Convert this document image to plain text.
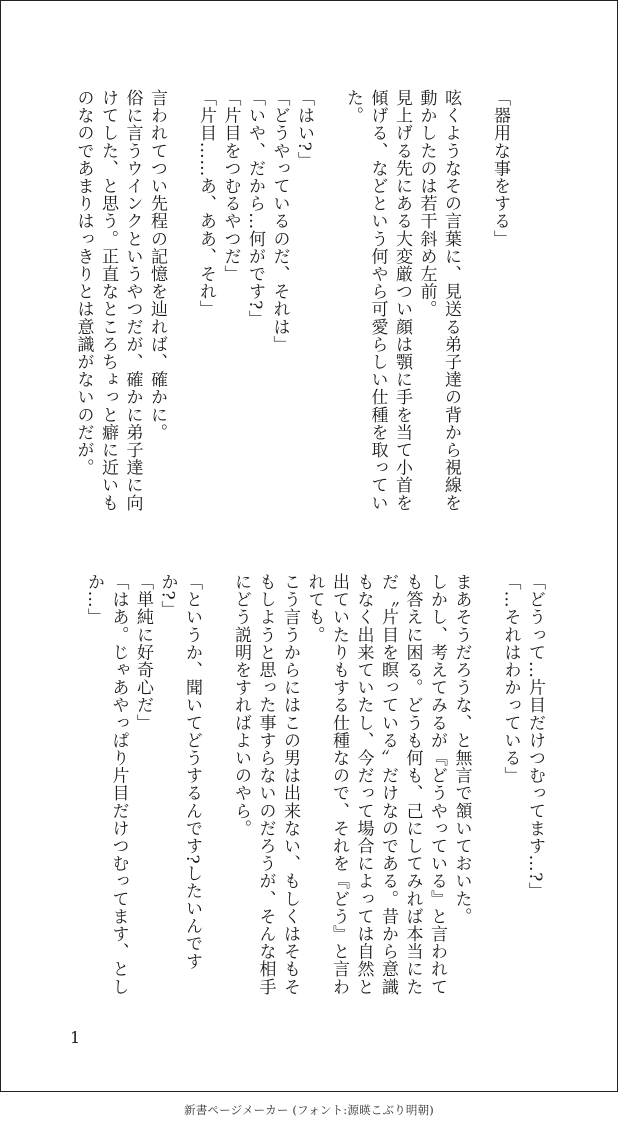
「器用な事をする」
呟くようなその言葉に、見送る弟子達の背から視線を
動かしたのは若干斜め左前。
見上げる先にある大変厳つい顔は顎に手を当て小首を
傾げる、などという何やら可愛らしい仕種を取ってい
た。
「はい?」
「どうやっているのだ、それは」
「いや、だから…何がです?」
「片目をつむるやつだ」
「片目……あ、ああ、それ」
言われてつい先程の記憶を辿れば、確かに。
俗に言うウインクというやつだが、確かに弟子達に向
けてした、と思う。正直なところちょっと癖に近いも
のなのであまりはっきりとは意識がないのだが。
「どうって…片目だけつむってます…?」
「…それはわかっている」
まあそうだろうな、と無言で頷いておいた。
しかし、考えてみるが『どうやっている』と言われて
も答えに困る。どうも何も、己にしてみれば本当にた
だ〝片目を瞑っている〟だけなのである。昔から意識
もなく出来ていたし、今だって場合によっては自然と
出ていたりもする仕種なので、それを『どう』と言わ
れても。
こう言うからにはこの男は出来ない、もしくはそもそ
もしようと思った事すらないのだろうが、そんな相手
にどう説明をすればよいのやら。
「というか、聞いてどうするんです?したいんです
か?」
「単純に好奇心だ」
「はあ。じゃあやっぱり片目だけつむってます、とし
か…」
1
新書ページメーカー (フォント:源暎こぶり明朝)
